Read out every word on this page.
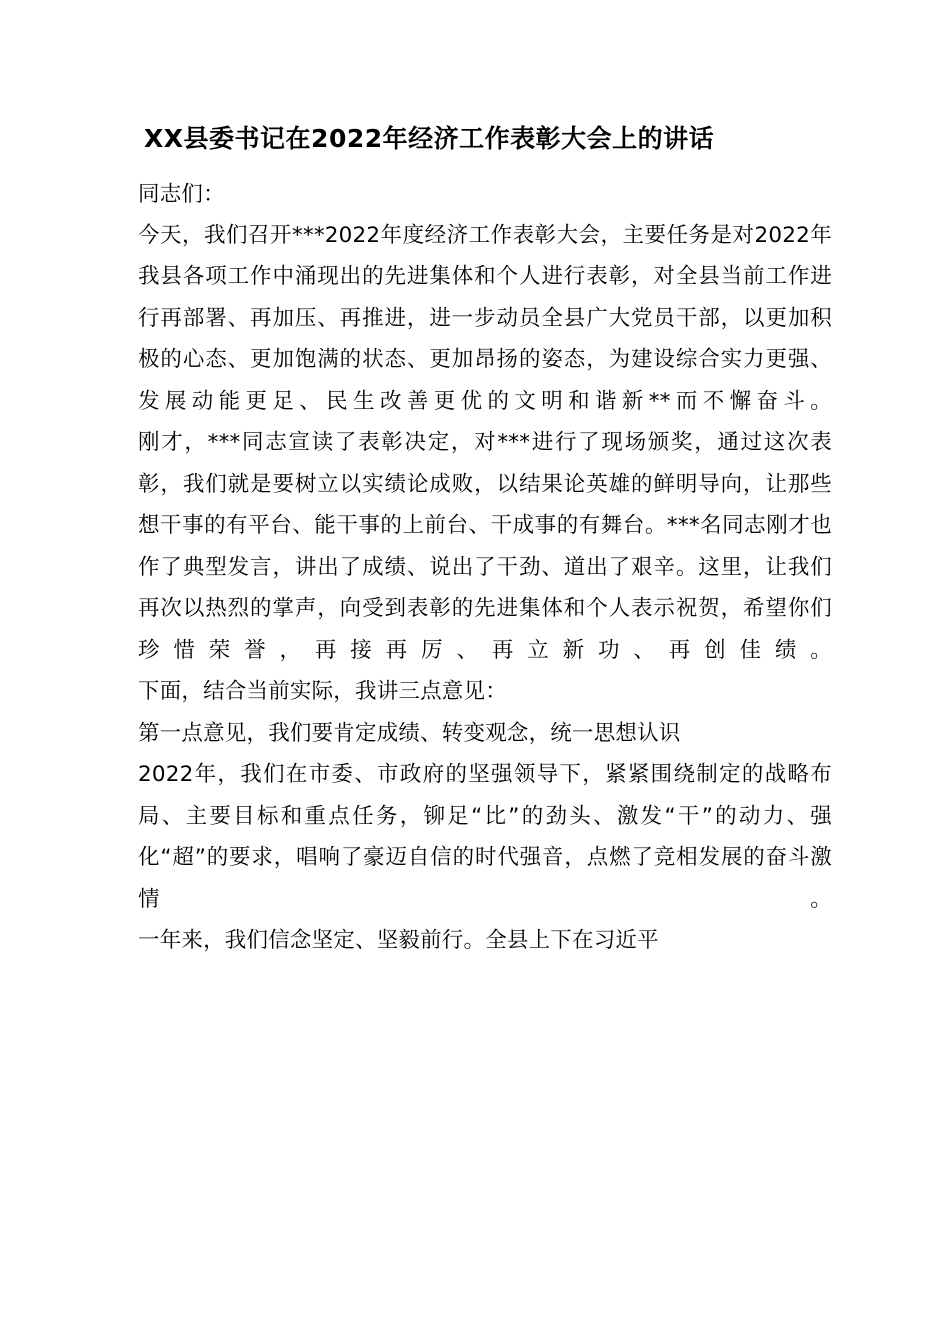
XX县委书记在2022年经济工作表彰大会上的讲话

同志们：

今天，我们召开***2022年度经济工作表彰大会，主要任务是对2022年我县各项工作中涌现出的先进集体和个人进行表彰，对全县当前工作进行再部署、再加压、再推进，进一步动员全县广大党员干部，以更加积极的心态、更加饱满的状态、更加昂扬的姿态，为建设综合实力更强、发展动能更足、民生改善更优的文明和谐新**而不懈奋斗。

刚才，***同志宣读了表彰决定，对***进行了现场颁奖，通过这次表彰，我们就是要树立以实绩论成败，以结果论英雄的鲜明导向，让那些想干事的有平台、能干事的上前台、干成事的有舞台。***名同志刚才也作了典型发言，讲出了成绩、说出了干劲、道出了艰辛。这里，让我们再次以热烈的掌声，向受到表彰的先进集体和个人表示祝贺，希望你们珍惜荣誉，再接再厉、再立新功、再创佳绩。

下面，结合当前实际，我讲三点意见：

第一点意见，我们要肯定成绩、转变观念，统一思想认识

2022年，我们在市委、市政府的坚强领导下，紧紧围绕制定的战略布局、主要目标和重点任务，铆足“比”的劲头、激发“干”的动力、强化“超”的要求，唱响了豪迈自信的时代强音，点燃了竞相发展的奋斗激情。

一年来，我们信念坚定、坚毅前行。全县上下在习近平
